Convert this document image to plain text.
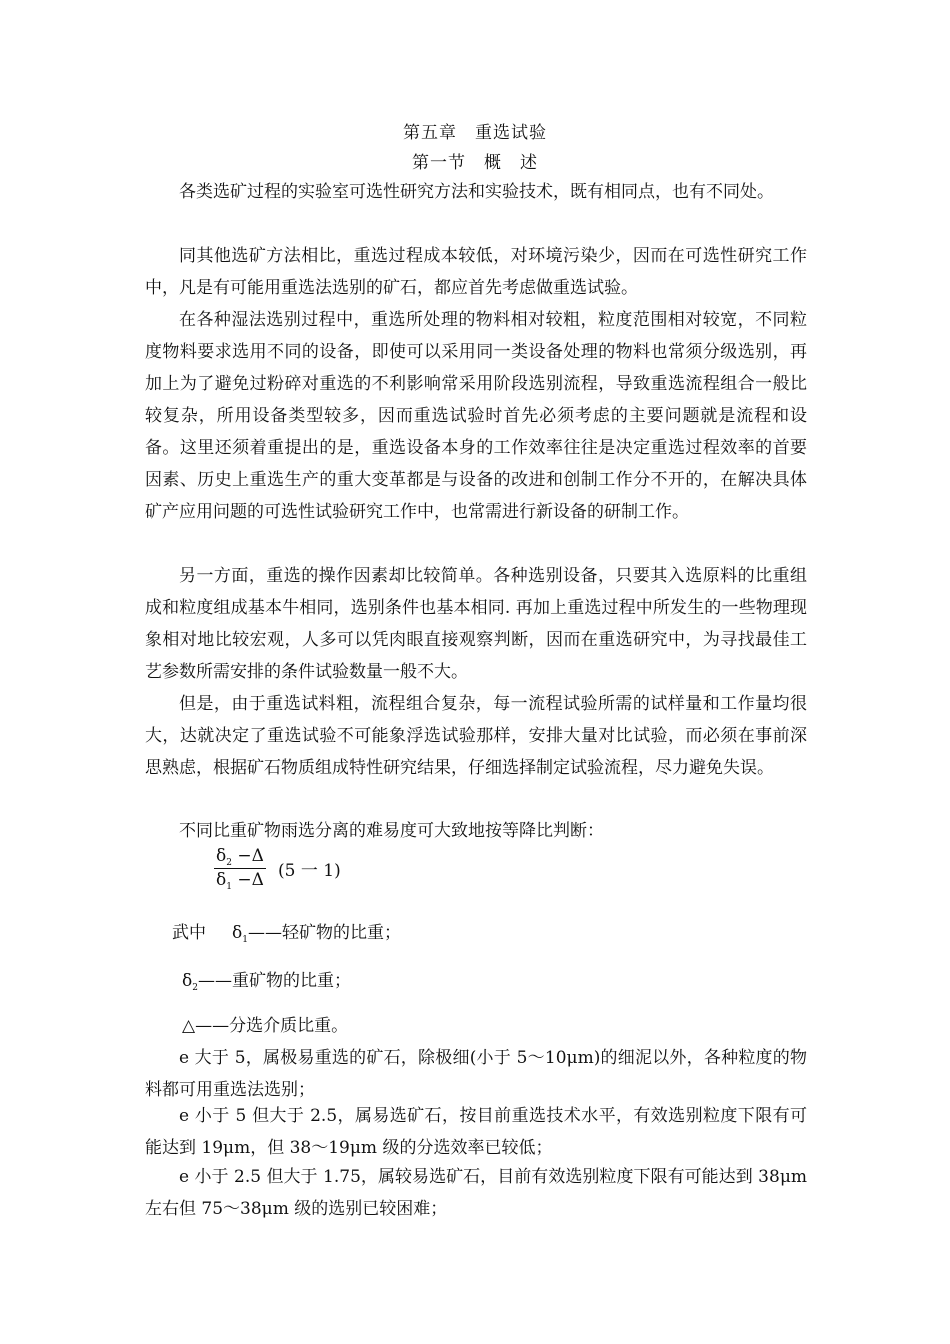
第五章　重选试验
第一节　概　述

各类选矿过程的实验室可选性研究方法和实验技术，既有相同点，也有不同处。

同其他选矿方法相比，重选过程成本较低，对环境污染少，因而在可选性研究工作中，凡是有可能用重选法选别的矿石，都应首先考虑做重选试验。

在各种湿法选别过程中，重选所处理的物料相对较粗，粒度范围相对较宽，不同粒度物料要求选用不同的设备，即使可以采用同一类设备处理的物料也常须分级选别，再加上为了避免过粉碎对重选的不利影响常采用阶段选别流程，导致重选流程组合一般比较复杂，所用设备类型较多，因而重选试验时首先必须考虑的主要问题就是流程和设备。这里还须着重提出的是，重选设备本身的工作效率往往是决定重选过程效率的首要因素、历史上重选生产的重大变革都是与设备的改进和创制工作分不开的，在解决具体矿产应用问题的可选性试验研究工作中，也常需进行新设备的研制工作。

另一方面，重选的操作因素却比较简单。各种选别设备，只要其入选原料的比重组成和粒度组成基本牛相同，选别条件也基本相同. 再加上重选过程中所发生的一些物理现象相对地比较宏观，人多可以凭肉眼直接观察判断，因而在重选研究中，为寻找最佳工艺参数所需安排的条件试验数量一般不大。

但是，由于重选试料粗，流程组合复杂，每一流程试验所需的试样量和工作量均很大，达就决定了重选试验不可能象浮选试验那样，安排大量对比试验，而必须在事前深思熟虑，根据矿石物质组成特性研究结果，仔细选择制定试验流程，尽力避免失误。

不同比重矿物雨选分离的难易度可大致地按等降比判断：

$\delta_2 -\Delta$
$\delta_1 -\Delta$ (5 一 1)
武中 $\delta_1——$轻矿物的比重；
$\delta_2——$重矿物的比重；
△——分选介质比重。

e 大于 5，属极易重选的矿石，除极细(小于 5～10μm)的细泥以外，各种粒度的物料都可用重选法选别；

e 小于 5 但大于 2.5，属易选矿石，按目前重选技术水平，有效选别粒度下限有可能达到 19μm，但 38～19μm 级的分选效率已较低；

e 小于 2.5 但大于 1.75，属较易选矿石，目前有效选别粒度下限有可能达到 38μm 左右但 75～38μm 级的选别已较困难；
